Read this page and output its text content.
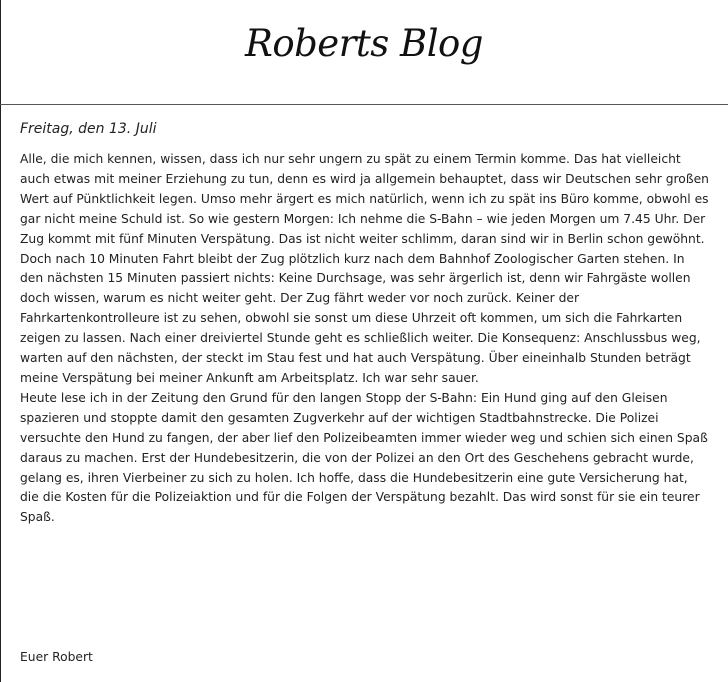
Roberts Blog

Freitag, den 13. Juli

Alle, die mich kennen, wissen, dass ich nur sehr ungern zu spät zu einem Termin komme. Das hat vielleicht auch etwas mit meiner Erziehung zu tun, denn es wird ja allgemein behauptet, dass wir Deutschen sehr großen Wert auf Pünktlichkeit legen. Umso mehr ärgert es mich natürlich, wenn ich zu spät ins Büro komme, obwohl es gar nicht meine Schuld ist. So wie gestern Morgen: Ich nehme die S-Bahn – wie jeden Morgen um 7.45 Uhr. Der Zug kommt mit fünf Minuten Verspätung. Das ist nicht weiter schlimm, daran sind wir in Berlin schon gewöhnt. Doch nach 10 Minuten Fahrt bleibt der Zug plötzlich kurz nach dem Bahnhof Zoologischer Garten stehen. In den nächsten 15 Minuten passiert nichts: Keine Durchsage, was sehr ärgerlich ist, denn wir Fahrgäste wollen doch wissen, warum es nicht weiter geht. Der Zug fährt weder vor noch zurück. Keiner der Fahrkartenkontrolleure ist zu sehen, obwohl sie sonst um diese Uhrzeit oft kommen, um sich die Fahrkarten zeigen zu lassen. Nach einer dreiviertel Stunde geht es schließlich weiter. Die Konsequenz: Anschlussbus weg, warten auf den nächsten, der steckt im Stau fest und hat auch Verspätung. Über eineinhalb Stunden beträgt meine Verspätung bei meiner Ankunft am Arbeitsplatz. Ich war sehr sauer.

Heute lese ich in der Zeitung den Grund für den langen Stopp der S-Bahn: Ein Hund ging auf den Gleisen spazieren und stoppte damit den gesamten Zugverkehr auf der wichtigen Stadtbahnstrecke. Die Polizei versuchte den Hund zu fangen, der aber lief den Polizeibeamten immer wieder weg und schien sich einen Spaß daraus zu machen. Erst der Hundebesitzerin, die von der Polizei an den Ort des Geschehens gebracht wurde, gelang es, ihren Vierbeiner zu sich zu holen. Ich hoffe, dass die Hundebesitzerin eine gute Versicherung hat, die die Kosten für die Polizeiaktion und für die Folgen der Verspätung bezahlt. Das wird sonst für sie ein teurer Spaß.

Euer Robert
